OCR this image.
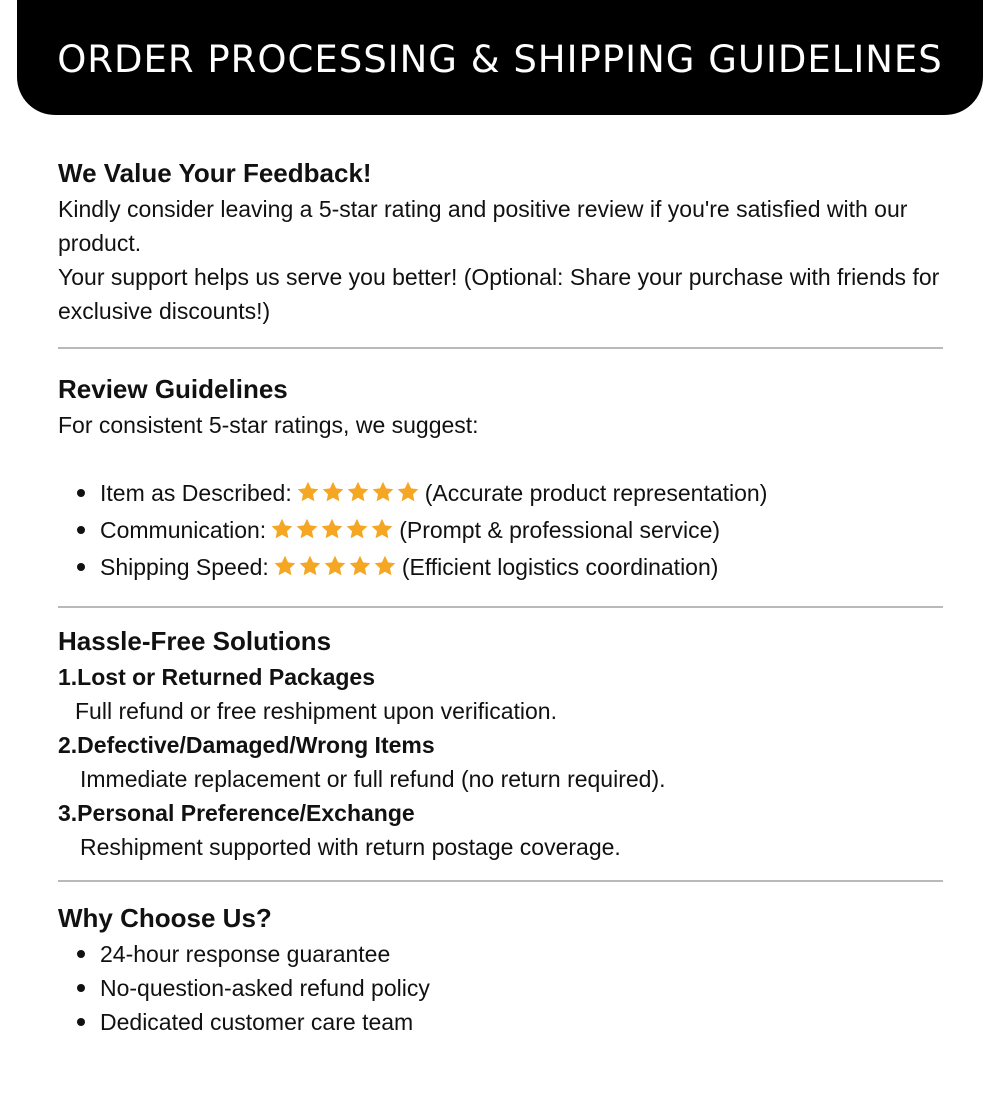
ORDER PROCESSING & SHIPPING GUIDELINES
We Value Your Feedback!

Kindly consider leaving a 5-star rating and positive review if you're satisfied with our product.

Your support helps us serve you better! (Optional: Share your purchase with friends for exclusive discounts!)

Review Guidelines

For consistent 5-star ratings, we suggest:

Item as Described:	(Accurate product representation)
Communication:	(Prompt & professional service)
Shipping Speed:	(Efficient logistics coordination)
Hassle-Free Solutions

1.Lost or Returned Packages

Full refund or free reshipment upon verification.

2.Defective/Damaged/Wrong Items

Immediate replacement or full refund (no return required).

3.Personal Preference/Exchange

Reshipment supported with return postage coverage.

Why Choose Us?
24-hour response guarantee
No-question-asked refund policy
Dedicated customer care team
